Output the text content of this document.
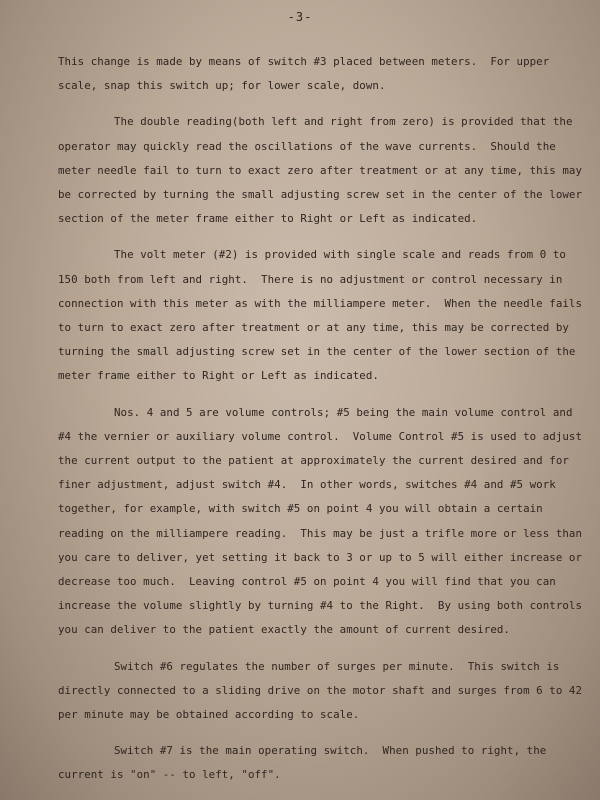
-3-
This change is made by means of switch #3 placed between meters.  For upper
scale, snap this switch up; for lower scale, down.
The double reading(both left and right from zero) is provided that the
operator may quickly read the oscillations of the wave currents.  Should the
meter needle fail to turn to exact zero after treatment or at any time, this may
be corrected by turning the small adjusting screw set in the center of the lower
section of the meter frame either to Right or Left as indicated.
The volt meter (#2) is provided with single scale and reads from 0 to
150 both from left and right.  There is no adjustment or control necessary in
connection with this meter as with the milliampere meter.  When the needle fails
to turn to exact zero after treatment or at any time, this may be corrected by
turning the small adjusting screw set in the center of the lower section of the
meter frame either to Right or Left as indicated.
Nos. 4 and 5 are volume controls; #5 being the main volume control and
#4 the vernier or auxiliary volume control.  Volume Control #5 is used to adjust
the current output to the patient at approximately the current desired and for
finer adjustment, adjust switch #4.  In other words, switches #4 and #5 work
together, for example, with switch #5 on point 4 you will obtain a certain
reading on the milliampere reading.  This may be just a trifle more or less than
you care to deliver, yet setting it back to 3 or up to 5 will either increase or
decrease too much.  Leaving control #5 on point 4 you will find that you can
increase the volume slightly by turning #4 to the Right.  By using both controls
you can deliver to the patient exactly the amount of current desired.
Switch #6 regulates the number of surges per minute.  This switch is
directly connected to a sliding drive on the motor shaft and surges from 6 to 42
per minute may be obtained according to scale.
Switch #7 is the main operating switch.  When pushed to right, the
current is "on" -- to left, "off".
